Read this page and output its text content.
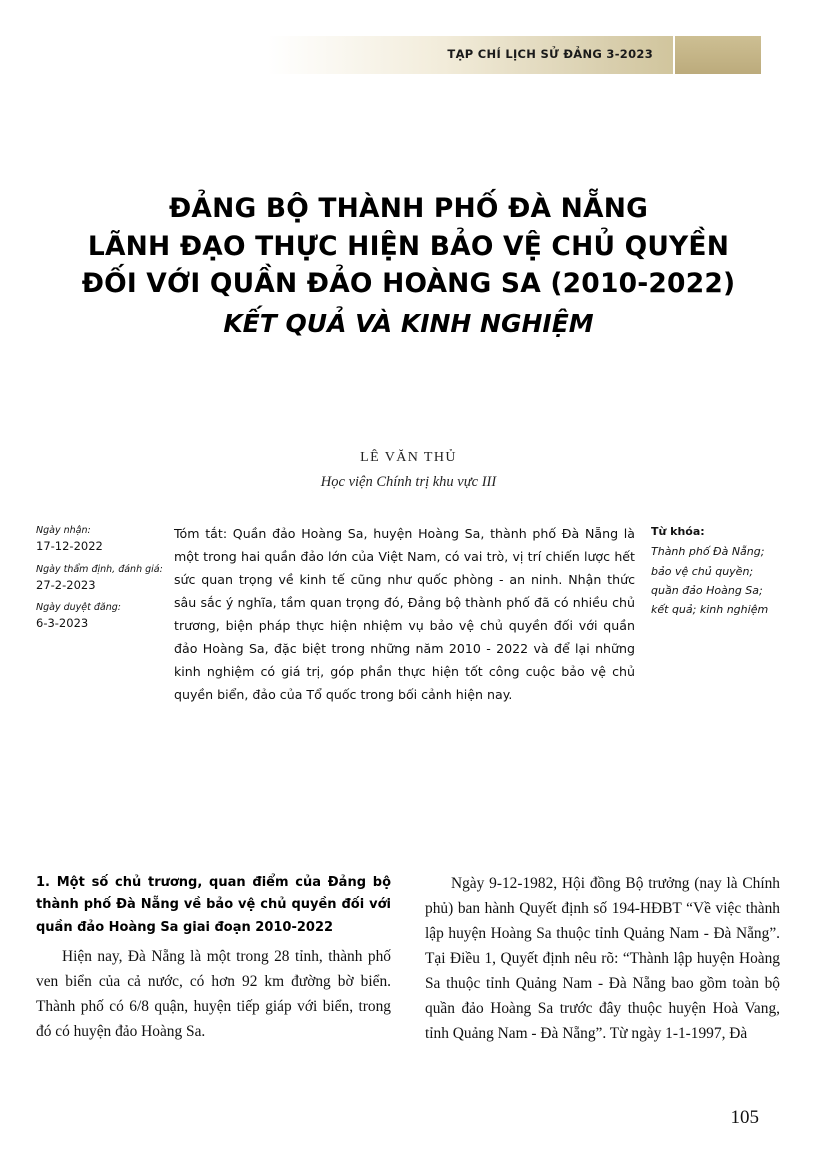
TẠP CHÍ LỊCH SỬ ĐẢNG 3-2023
ĐẢNG BỘ THÀNH PHỐ ĐÀ NẴNG
LÃNH ĐẠO THỰC HIỆN BẢO VỆ CHỦ QUYỀN
ĐỐI VỚI QUẦN ĐẢO HOÀNG SA (2010-2022)
KẾT QUẢ VÀ KINH NGHIỆM
LÊ VĂN THỦ
Học viện Chính trị khu vực III
Ngày nhận:
17-12-2022
Ngày thẩm định, đánh giá:
27-2-2023
Ngày duyệt đăng:
6-3-2023
Tóm tắt: Quần đảo Hoàng Sa, huyện Hoàng Sa, thành phố Đà Nẵng là một trong hai quần đảo lớn của Việt Nam, có vai trò, vị trí chiến lược hết sức quan trọng về kinh tế cũng như quốc phòng - an ninh. Nhận thức sâu sắc ý nghĩa, tầm quan trọng đó, Đảng bộ thành phố đã có nhiều chủ trương, biện pháp thực hiện nhiệm vụ bảo vệ chủ quyền đối với quần đảo Hoàng Sa, đặc biệt trong những năm 2010 - 2022 và để lại những kinh nghiệm có giá trị, góp phần thực hiện tốt công cuộc bảo vệ chủ quyền biển, đảo của Tổ quốc trong bối cảnh hiện nay.
Từ khóa:
Thành phố Đà Nẵng;
bảo vệ chủ quyền;
quần đảo Hoàng Sa;
kết quả; kinh nghiệm
1. Một số chủ trương, quan điểm của Đảng bộ thành phố Đà Nẵng về bảo vệ chủ quyền đối với quần đảo Hoàng Sa giai đoạn 2010-2022
Hiện nay, Đà Nẵng là một trong 28 tỉnh, thành phố ven biển của cả nước, có hơn 92 km đường bờ biển. Thành phố có 6/8 quận, huyện tiếp giáp với biển, trong đó có huyện đảo Hoàng Sa.
Ngày 9-12-1982, Hội đồng Bộ trưởng (nay là Chính phủ) ban hành Quyết định số 194-HĐBT “Về việc thành lập huyện Hoàng Sa thuộc tỉnh Quảng Nam - Đà Nẵng”. Tại Điều 1, Quyết định nêu rõ: “Thành lập huyện Hoàng Sa thuộc tỉnh Quảng Nam - Đà Nẵng bao gồm toàn bộ quần đảo Hoàng Sa trước đây thuộc huyện Hoà Vang, tỉnh Quảng Nam - Đà Nẵng”. Từ ngày 1-1-1997, Đà
105
